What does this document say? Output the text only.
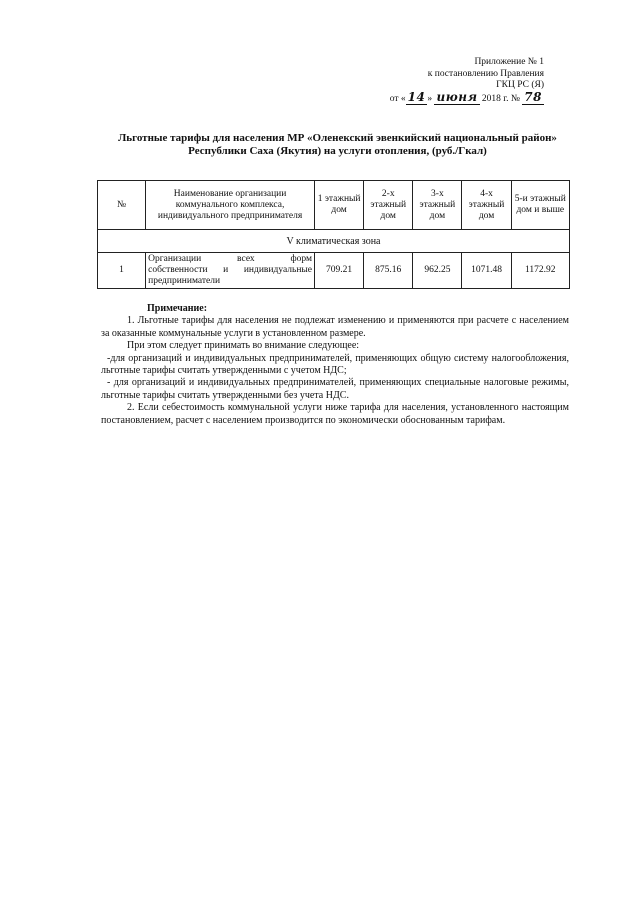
Приложение № 1
к постановлению Правления
ГКЦ РС (Я)
от « 14 » июня 2018 г. № 78
Льготные тарифы для населения МР «Оленекский эвенкийский национальный район»
Республики Саха (Якутия) на услуги отопления, (руб./Гкал)
№	Наименование организации коммунального комплекса, индивидуального предпринимателя	1 этажный дом	2-х этажный дом	3-х этажный дом	4-х этажный дом	5-и этажный дом и выше
V климатическая зона						
1	Организации всех форм
собственности и индивидуальные
предприниматели	709.21	875.16	962.25	1071.48	1172.92

Примечание:

1. Льготные тарифы для населения не подлежат изменению и применяются при расчете с населением за оказанные коммунальные услуги в установленном размере.

При этом следует принимать во внимание следующее:

-для организаций и индивидуальных предпринимателей, применяющих общую систему налогообложения, льготные тарифы считать утвержденными с учетом НДС;

- для организаций и индивидуальных предпринимателей, применяющих специальные налоговые режимы, льготные тарифы считать утвержденными без учета НДС.

2. Если себестоимость коммунальной услуги ниже тарифа для населения, установленного настоящим постановлением, расчет с населением производится по экономически обоснованным тарифам.
